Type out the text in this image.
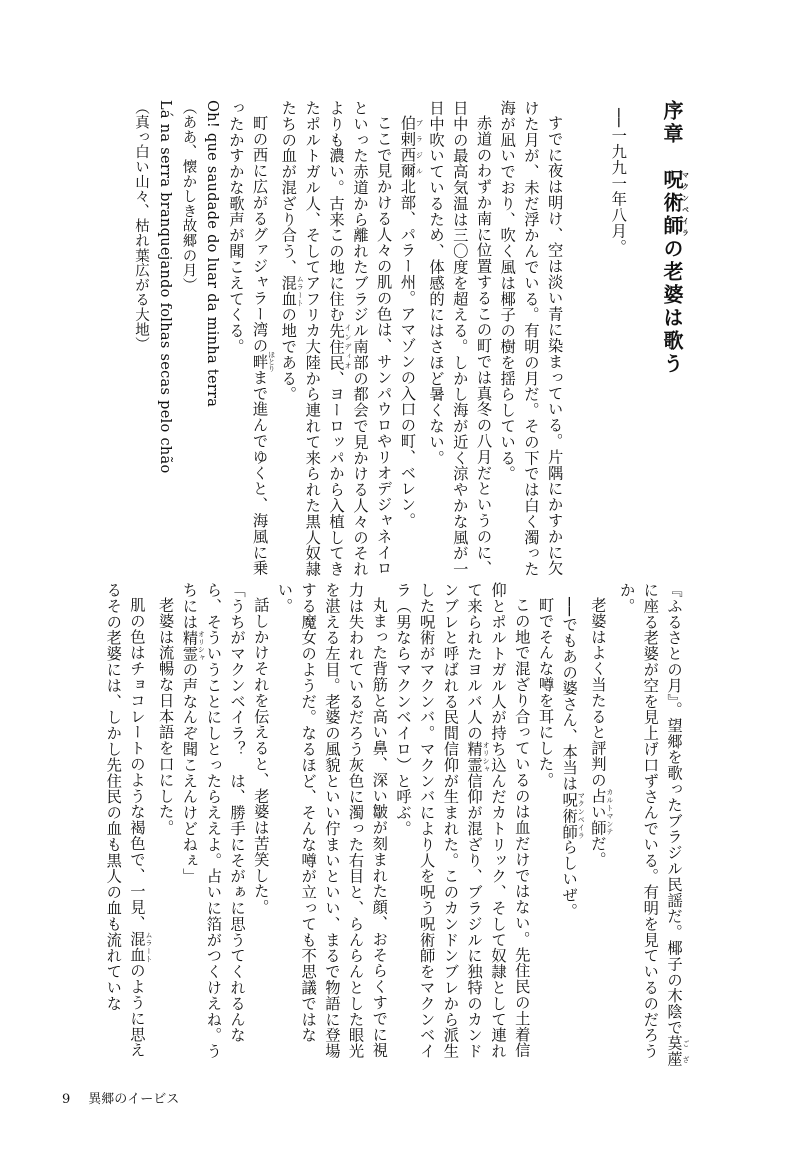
序章　呪術師マクンベイラの老婆は歌う

──一九九一年八月。

すでに夜は明け、空は淡い青に染まっている。片隅にかすかに欠けた月が、未だ浮かんでいる。有明の月だ。その下では白く濁った海が凪いでおり、吹く風は椰子の樹を揺らしている。

赤道のわずか南に位置するこの町では真冬の八月だというのに、日中の最高気温は三〇度を超える。しかし海が近く涼やかな風が一日中吹いているため、体感的にはさほど暑くない。

伯剌西爾 ブラジル北部、パラー州。アマゾンの入口の町、ベレン。

ここで見かける人々の肌の色は、サンパウロやリオデジャネイロといった赤道から離れたブラジル南部の都会で見かける人々のそれよりも濃い。古来この地に住む先住民 インディオ、ヨーロッパから入植してきたポルトガル人、そしてアフリカ大陸から連れて来られた黒人奴隷たちの血が混ざり合う、混血 ムラートの地である。

町の西に広がるグァジャラー湾の畔 ほとりまで進んでゆくと、海風に乗ったかすかな歌声が聞こえてくる。

Oh! que saudade do luar da minha terra

（ああ、懐かしき故郷の月）

Lá na serra branquejando folhas secas pelo chão

（真っ白い山々、枯れ葉広がる大地）

『ふるさとの月』。望郷を歌ったブラジル民謡だ。椰子の木陰で茣蓙 ござに座る老婆が空を見上げ口ずさんでいる。有明を見ているのだろうか。

老婆はよく当たると評判の占い師 カルトマンテだ。

──でもあの婆さん、本当は呪術師 マクンベイラらしいぜ。

町でそんな噂を耳にした。

この地で混ざり合っているのは血だけではない。先住民の土着信仰とポルトガル人が持ち込んだカトリック、そして奴隷として連れて来られたヨルバ人の精霊 オリシャ信仰が混ざり、ブラジルに独特のカンドンブレと呼ばれる民間信仰が生まれた。このカンドンブレから派生した呪術がマクンバ。マクンバにより人を呪う呪術師をマクンベイラ（男ならマクンベイロ）と呼ぶ。

丸まった背筋と高い鼻、深い皺が刻まれた顔、おそらくすでに視力は失われているだろう灰色に濁った右目と、らんらんとした眼光を湛える左目。老婆の風貌といい佇まいといい、まるで物語に登場する魔女のようだ。なるほど、そんな噂が立っても不思議ではない。

話しかけそれを伝えると、老婆は苦笑した。

「うちがマクンベイラ？　は、勝手にそがぁに思うてくれるんなら、そういうことにしとったらええよ。占いに箔がつくけえね。うちには精霊 オリシャの声なんぞ聞こえんけどねぇ」

老婆は流暢な日本語を口にした。

肌の色はチョコレートのような褐色で、一見、混血 ムラートのように思えるその老婆には、しかし先住民の血も黒人の血も流れていな

9 異郷のイービス
